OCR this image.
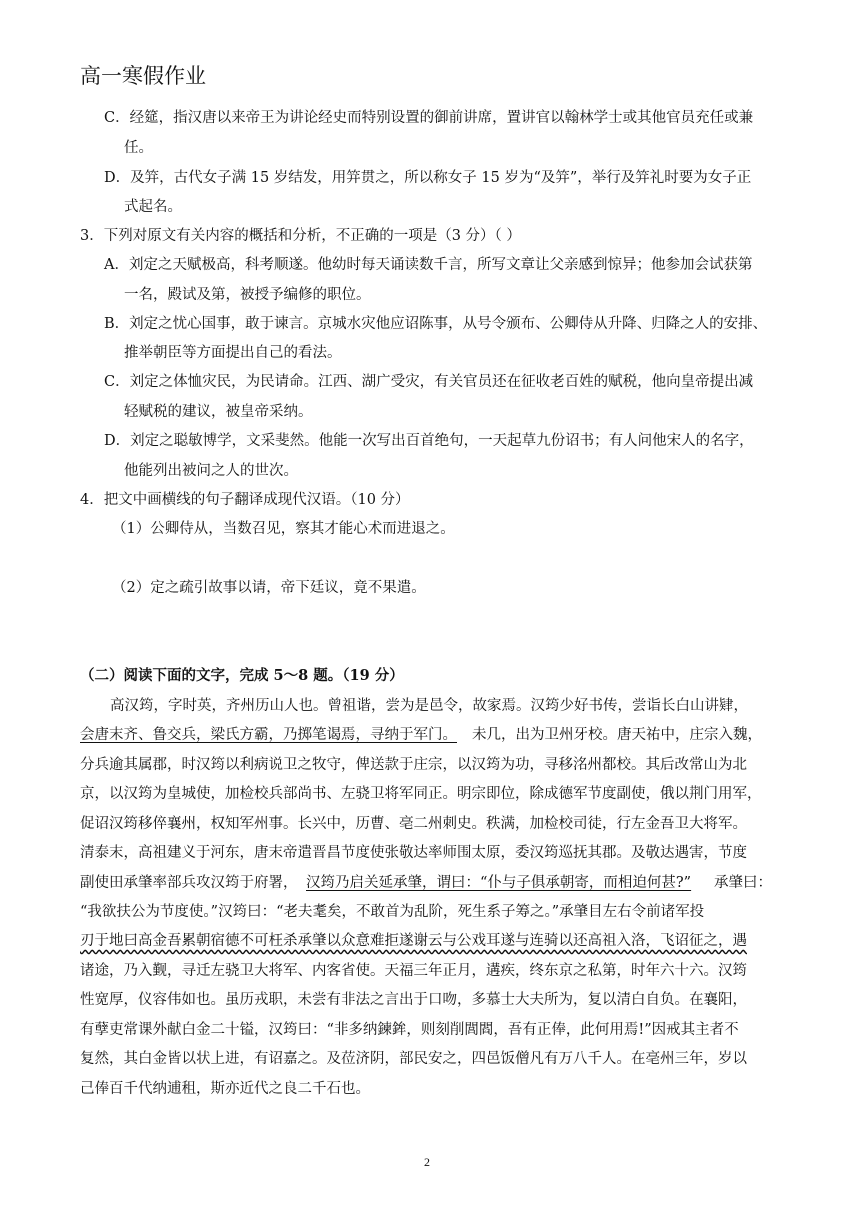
高一寒假作业
C．经筵，指汉唐以来帝王为讲论经史而特别设置的御前讲席，置讲官以翰林学士或其他官员充任或兼
任。
D．及笄，古代女子满 15 岁结发，用笄贯之，所以称女子 15 岁为“及笄”，举行及笄礼时要为女子正
式起名。
3．下列对原文有关内容的概括和分析，不正确的一项是（3 分）（ ）
A．刘定之天赋极高，科考顺遂。他幼时每天诵读数千言，所写文章让父亲感到惊异；他参加会试获第
一名，殿试及第，被授予编修的职位。
B．刘定之忧心国事，敢于谏言。京城水灾他应诏陈事，从号令颁布、公卿侍从升降、归降之人的安排、
推举朝臣等方面提出自己的看法。
C．刘定之体恤灾民，为民请命。江西、湖广受灾，有关官员还在征收老百姓的赋税，他向皇帝提出减
轻赋税的建议，被皇帝采纳。
D．刘定之聪敏博学，文采斐然。他能一次写出百首绝句，一天起草九份诏书；有人问他宋人的名字，
他能列出被问之人的世次。
4．把文中画横线的句子翻译成现代汉语。（10 分）
（1）公卿侍从，当数召见，察其才能心术而进退之。
（2）定之疏引故事以请，帝下廷议，竟不果遣。
（二）阅读下面的文字，完成 5～8 题。（19 分）
高汉筠，字时英，齐州历山人也。曾祖谐，尝为是邑令，故家焉。汉筠少好书传，尝诣长白山讲肄，
会唐末齐、鲁交兵，梁氏方霸，乃掷笔谒焉，寻纳于军门。 未几，出为卫州牙校。唐天祐中，庄宗入魏，
分兵逾其属郡，时汉筠以利病说卫之牧守，俾送款于庄宗，以汉筠为功，寻移洺州都校。其后改常山为北
京，以汉筠为皇城使，加检校兵部尚书、左骁卫将军同正。明宗即位，除成德军节度副使，俄以荆门用军，
促诏汉筠移倅襄州，权知军州事。长兴中，历曹、亳二州刺史。秩满，加检校司徒，行左金吾卫大将军。
清泰末，高祖建义于河东，唐末帝遣晋昌节度使张敬达率师围太原，委汉筠巡抚其郡。及敬达遇害，节度
副使田承肇率部兵攻汉筠于府署， 汉筠乃启关延承肇，谓曰：“仆与子俱承朝寄，而相迫何甚?” 承肇曰：
“我欲扶公为节度使。”汉筠曰：“老夫耄矣，不敢首为乱阶，死生系子筹之。”承肇目左右令前诸军投
刃于地曰高金吾累朝宿德不可枉杀承肇以众意难拒遂谢云与公戏耳遂与连骑以还高祖入洛，飞诏征之，遇
诸途，乃入觐，寻迁左骁卫大将军、内客省使。天福三年正月，遘疾，终东京之私第，时年六十六。汉筠
性宽厚，仪容伟如也。虽历戎职，未尝有非法之言出于口吻，多慕士大夫所为，复以清白自负。在襄阳，
有孽吏常课外献白金二十镒，汉筠曰：“非多纳鍊鉾，则刻削閭閻，吾有正俸，此何用焉!”因戒其主者不
复然，其白金皆以状上进，有诏嘉之。及莅济阴，部民安之，四邑饭僧凡有万八千人。在亳州三年，岁以
己俸百千代纳逋租，斯亦近代之良二千石也。
2
